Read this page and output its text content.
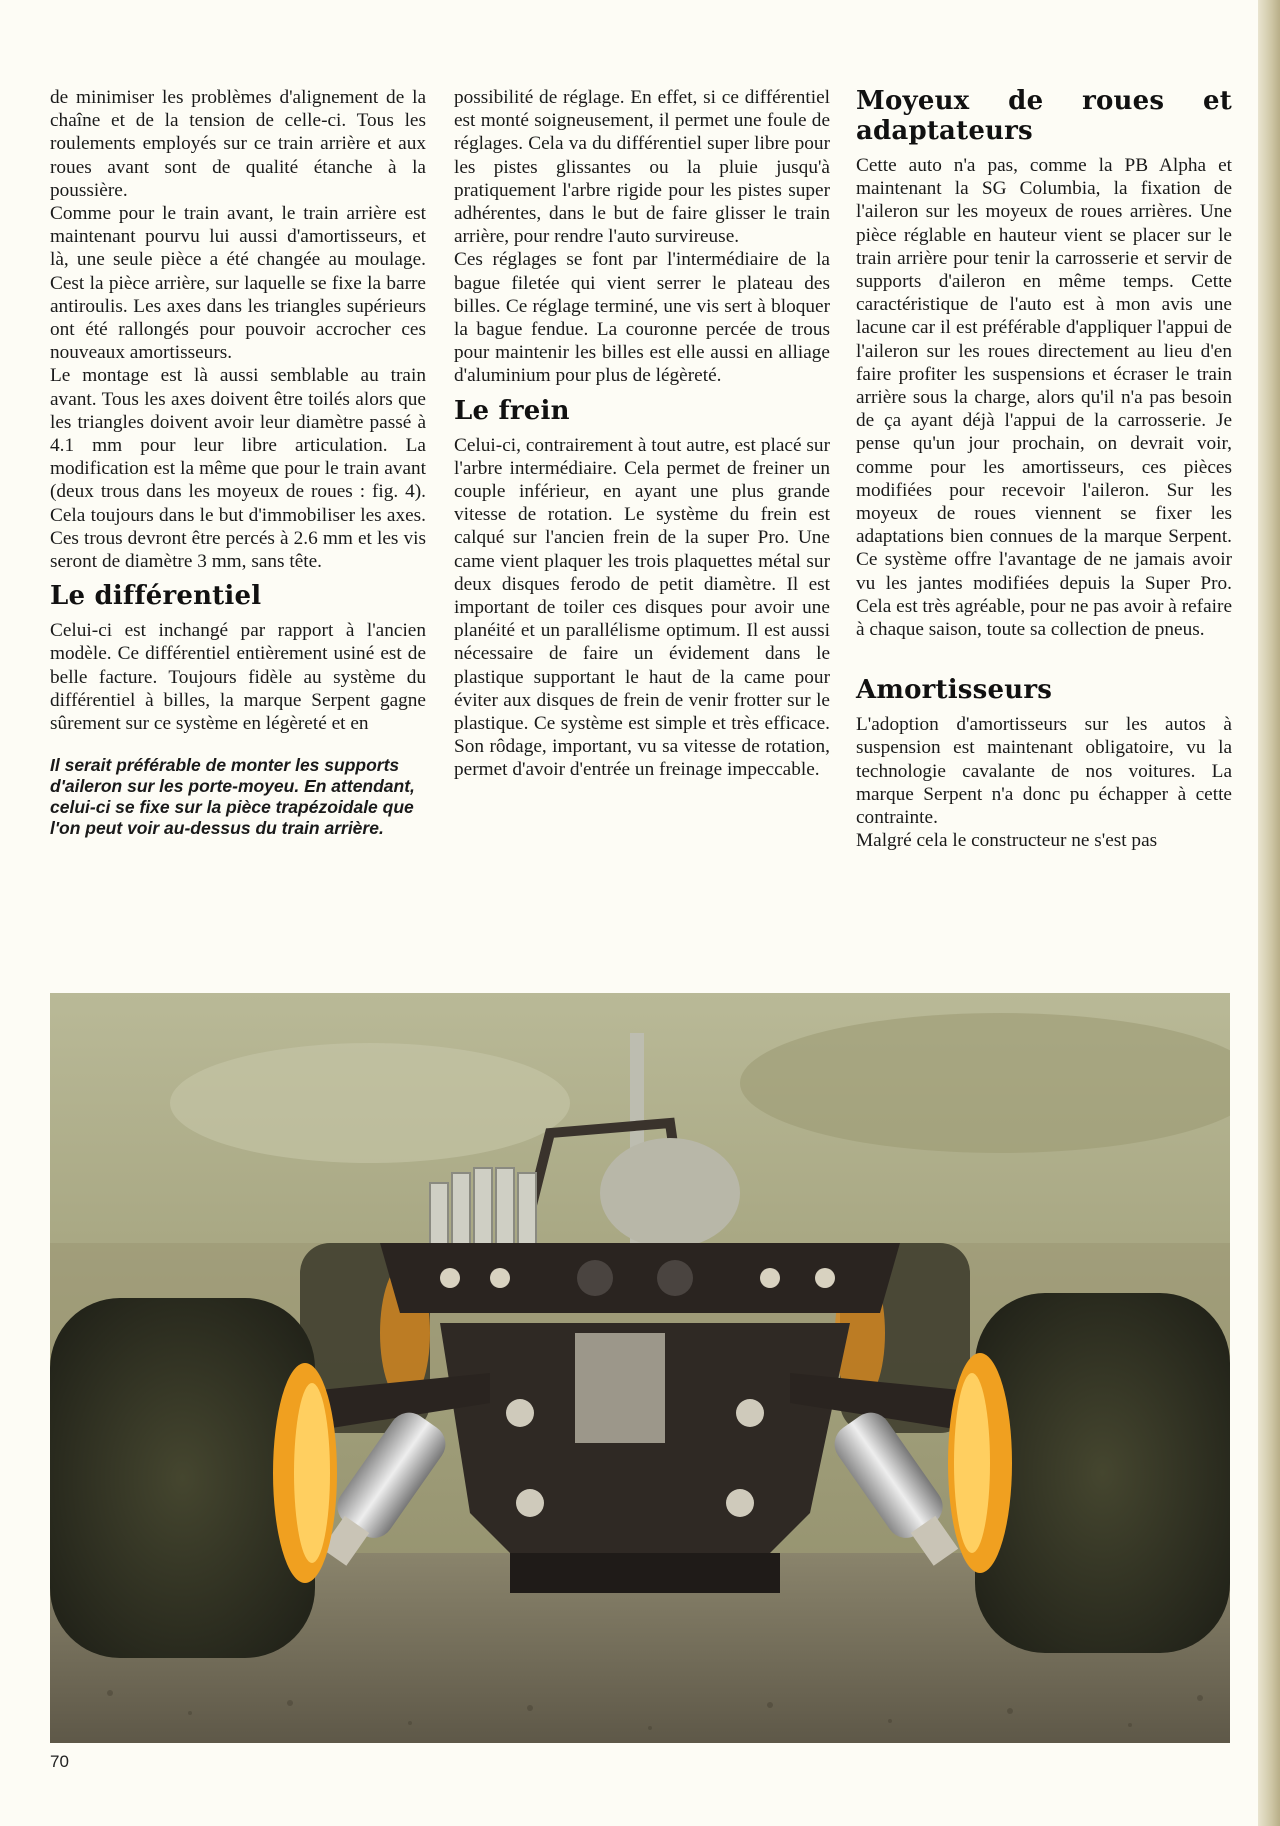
de minimiser les problèmes d'alignement de la chaîne et de la tension de celle-ci. Tous les roulements employés sur ce train arrière et aux roues avant sont de qualité étanche à la poussière.

Comme pour le train avant, le train arrière est maintenant pourvu lui aussi d'amortisseurs, et là, une seule pièce a été changée au moulage. Cest la pièce arrière, sur laquelle se fixe la barre antiroulis. Les axes dans les triangles supérieurs ont été rallongés pour pouvoir accrocher ces nouveaux amortisseurs.

Le montage est là aussi semblable au train avant. Tous les axes doivent être toilés alors que les triangles doivent avoir leur diamètre passé à 4.1 mm pour leur libre articulation. La modification est la même que pour le train avant (deux trous dans les moyeux de roues : fig. 4). Cela toujours dans le but d'immobiliser les axes. Ces trous devront être percés à 2.6 mm et les vis seront de diamètre 3 mm, sans tête.

Le différentiel

Celui-ci est inchangé par rapport à l'ancien modèle. Ce différentiel entièrement usiné est de belle facture. Toujours fidèle au système du différentiel à billes, la marque Serpent gagne sûrement sur ce système en légèreté et en

Il serait préférable de monter les supports d'aileron sur les porte-moyeu. En attendant, celui-ci se fixe sur la pièce trapézoidale que l'on peut voir au-dessus du train arrière.

possibilité de réglage. En effet, si ce différentiel est monté soigneusement, il permet une foule de réglages. Cela va du différentiel super libre pour les pistes glissantes ou la pluie jusqu'à pratiquement l'arbre rigide pour les pistes super adhérentes, dans le but de faire glisser le train arrière, pour rendre l'auto survireuse.

Ces réglages se font par l'intermédiaire de la bague filetée qui vient serrer le plateau des billes. Ce réglage terminé, une vis sert à bloquer la bague fendue. La couronne percée de trous pour maintenir les billes est elle aussi en alliage d'aluminium pour plus de légèreté.

Le frein

Celui-ci, contrairement à tout autre, est placé sur l'arbre intermédiaire. Cela permet de freiner un couple inférieur, en ayant une plus grande vitesse de rotation. Le système du frein est calqué sur l'ancien frein de la super Pro. Une came vient plaquer les trois plaquettes métal sur deux disques ferodo de petit diamètre. Il est important de toiler ces disques pour avoir une planéité et un parallélisme optimum. Il est aussi nécessaire de faire un évidement dans le plastique supportant le haut de la came pour éviter aux disques de frein de venir frotter sur le plastique. Ce système est simple et très efficace. Son rôdage, important, vu sa vitesse de rotation, permet d'avoir d'entrée un freinage impeccable.

Moyeux de roues et adaptateurs

Cette auto n'a pas, comme la PB Alpha et maintenant la SG Columbia, la fixation de l'aileron sur les moyeux de roues arrières. Une pièce réglable en hauteur vient se placer sur le train arrière pour tenir la carrosserie et servir de supports d'aileron en même temps. Cette caractéristique de l'auto est à mon avis une lacune car il est préférable d'appliquer l'appui de l'aileron sur les roues directement au lieu d'en faire profiter les suspensions et écraser le train arrière sous la charge, alors qu'il n'a pas besoin de ça ayant déjà l'appui de la carrosserie. Je pense qu'un jour prochain, on devrait voir, comme pour les amortisseurs, ces pièces modifiées pour recevoir l'aileron. Sur les moyeux de roues viennent se fixer les adaptations bien connues de la marque Serpent. Ce système offre l'avantage de ne jamais avoir vu les jantes modifiées depuis la Super Pro. Cela est très agréable, pour ne pas avoir à refaire à chaque saison, toute sa collection de pneus.

Amortisseurs

L'adoption d'amortisseurs sur les autos à suspension est maintenant obligatoire, vu la technologie cavalante de nos voitures. La marque Serpent n'a donc pu échapper à cette contrainte.

Malgré cela le constructeur ne s'est pas

70
